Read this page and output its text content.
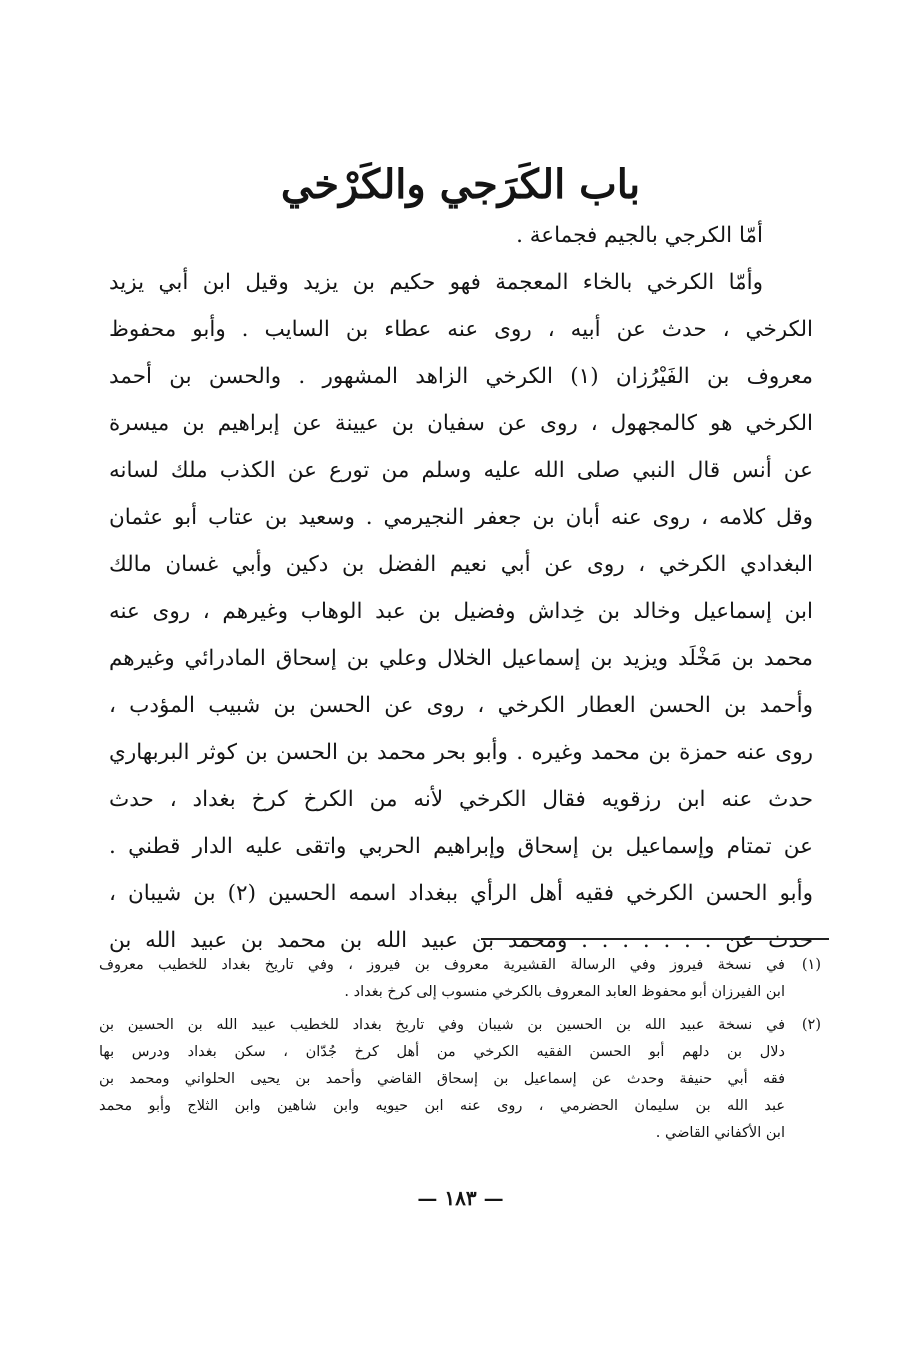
باب الكَرَجي والكَرْخي
أمّا الكرجي بالجيم فجماعة .
وأمّا الكرخي بالخاء المعجمة فهو حكيم بن يزيد وقيل ابن أبي يزيد
الكرخي ، حدث عن أبيه ، روى عنه عطاء بن السايب . وأبو محفوظ
معروف بن الفَيْرُزان (١) الكرخي الزاهد المشهور . والحسن بن أحمد
الكرخي هو كالمجهول ، روى عن سفيان بن عيينة عن إبراهيم بن ميسرة
عن أنس قال النبي صلى الله عليه وسلم من تورع عن الكذب ملك لسانه
وقل كلامه ، روى عنه أبان بن جعفر النجيرمي . وسعيد بن عتاب أبو عثمان
البغدادي الكرخي ، روى عن أبي نعيم الفضل بن دكين وأبي غسان مالك
ابن إسماعيل وخالد بن خِداش وفضيل بن عبد الوهاب وغيرهم ، روى عنه
محمد بن مَخْلَد ويزيد بن إسماعيل الخلال وعلي بن إسحاق المادرائي وغيرهم
وأحمد بن الحسن العطار الكرخي ، روى عن الحسن بن شبيب المؤدب ،
روى عنه حمزة بن محمد وغيره . وأبو بحر محمد بن الحسن بن كوثر البربهاري
حدث عنه ابن رزقويه فقال الكرخي لأنه من الكرخ كرخ بغداد ، حدث
عن تمتام وإسماعيل بن إسحاق وإبراهيم الحربي واتقى عليه الدار قطني .
وأبو الحسن الكرخي فقيه أهل الرأي ببغداد اسمه الحسين (٢) بن شيبان ،
حدث عن . . . . . . . ومحمد بن عبيد الله بن محمد بن عبيد الله بن
(١)في نسخة فيروز وفي الرسالة القشيرية معروف بن فيروز ، وفي تاريخ بغداد للخطيب معروف
ابن الفيرزان أبو محفوظ العابد المعروف بالكرخي منسوب إلى كرخ بغداد .
(٢)في نسخة عبيد الله بن الحسين بن شيبان وفي تاريخ بغداد للخطيب عبيد الله بن الحسين بن
دلال بن دلهم أبو الحسن الفقيه الكرخي من أهل كرخ جُدّان ، سكن بغداد ودرس بها
فقه أبي حنيفة وحدث عن إسماعيل بن إسحاق القاضي وأحمد بن يحيى الحلواني ومحمد بن
عبد الله بن سليمان الحضرمي ، روى عنه ابن حيويه وابن شاهين وابن الثلاج وأبو محمد
ابن الأكفاني القاضي .
— ١٨٣ —
